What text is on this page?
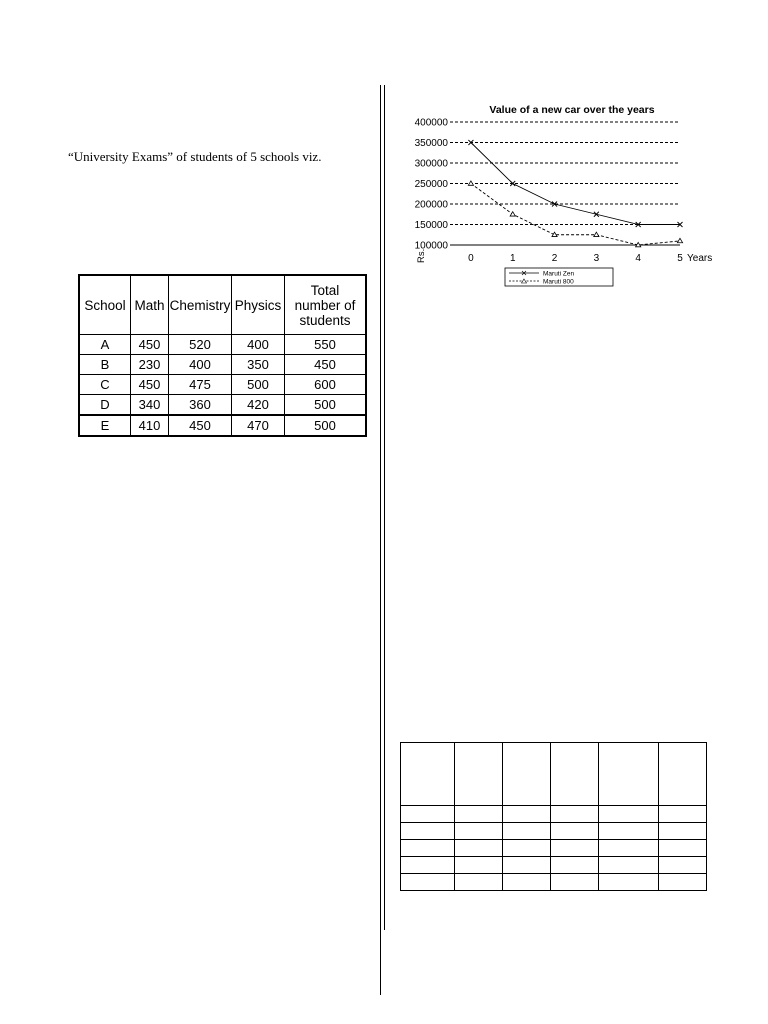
“University Exams” of students of 5 schools viz.
School	Math	Chemistry	Physics	Total number of students
A	450	520	400	550
B	230	400	350	450
C	450	475	500	600
D	340	360	420	500
E	410	450	470	500
Value of a new car over the years
400000
350000
300000
250000
200000
150000
100000
0	1	2	3	4	5 Years
Rs.
Maruti Zen
Maruti 800
